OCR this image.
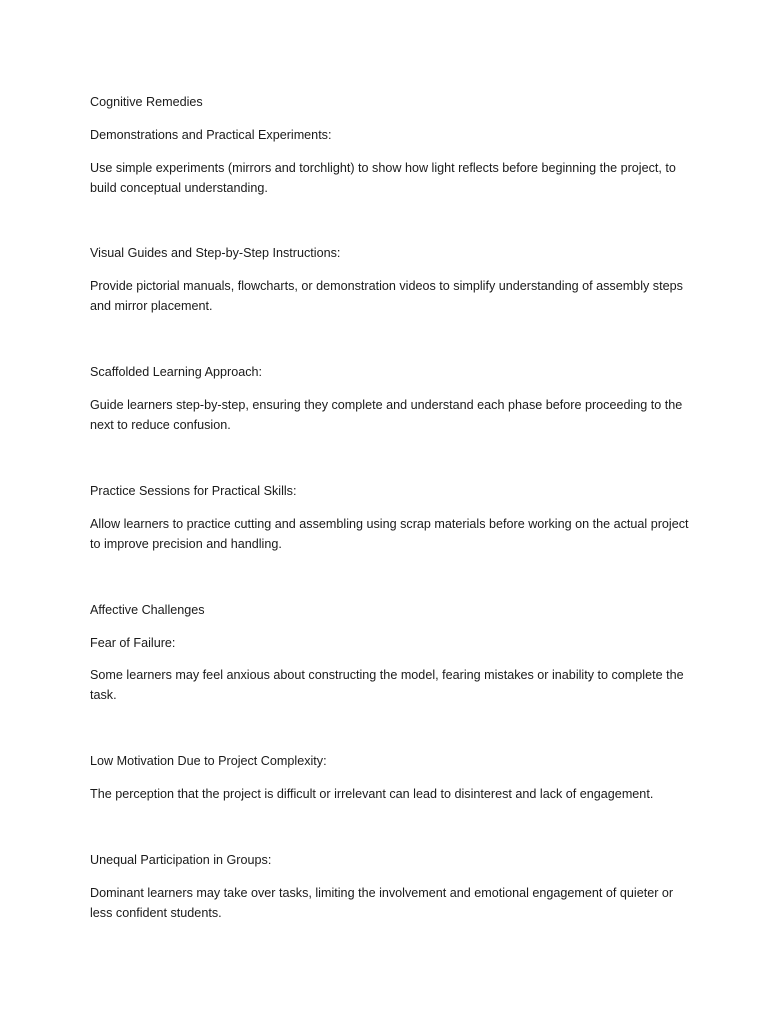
Cognitive Remedies

Demonstrations and Practical Experiments:

Use simple experiments (mirrors and torchlight) to show how light reflects before beginning the project, to build conceptual understanding.

Visual Guides and Step-by-Step Instructions:

Provide pictorial manuals, flowcharts, or demonstration videos to simplify understanding of assembly steps and mirror placement.

Scaffolded Learning Approach:

Guide learners step-by-step, ensuring they complete and understand each phase before proceeding to the next to reduce confusion.

Practice Sessions for Practical Skills:

Allow learners to practice cutting and assembling using scrap materials before working on the actual project to improve precision and handling.

Affective Challenges

Fear of Failure:

Some learners may feel anxious about constructing the model, fearing mistakes or inability to complete the task.

Low Motivation Due to Project Complexity:

The perception that the project is difficult or irrelevant can lead to disinterest and lack of engagement.

Unequal Participation in Groups:

Dominant learners may take over tasks, limiting the involvement and emotional engagement of quieter or less confident students.
